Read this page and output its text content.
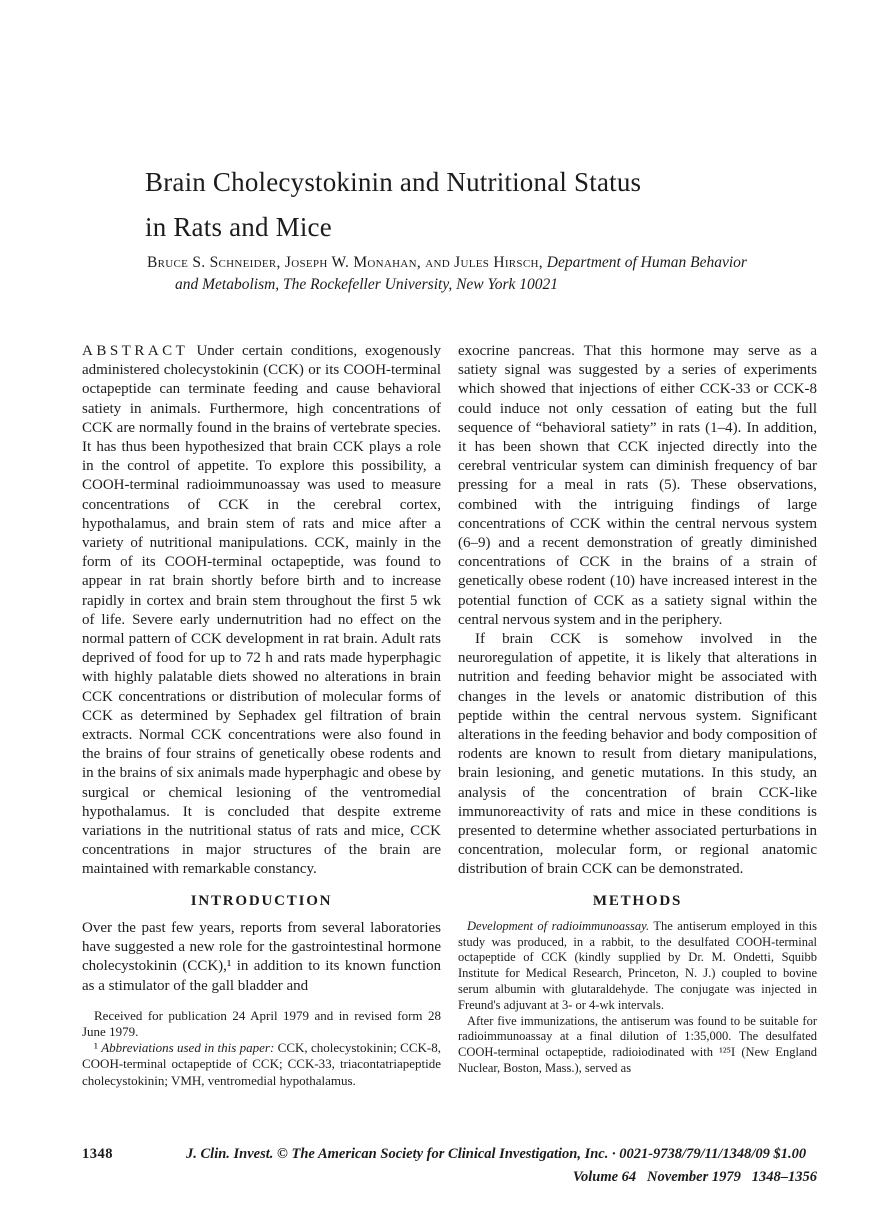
Brain Cholecystokinin and Nutritional Status
in Rats and Mice

Bruce S. Schneider, Joseph W. Monahan, and Jules Hirsch, Department of Human Behavior and Metabolism, The Rockefeller University, New York 10021

ABSTRACT Under certain conditions, exogenously administered cholecystokinin (CCK) or its COOH-terminal octapeptide can terminate feeding and cause behavioral satiety in animals. Furthermore, high concentrations of CCK are normally found in the brains of vertebrate species. It has thus been hypothesized that brain CCK plays a role in the control of appetite. To explore this possibility, a COOH-terminal radioimmunoassay was used to measure concentrations of CCK in the cerebral cortex, hypothalamus, and brain stem of rats and mice after a variety of nutritional manipulations. CCK, mainly in the form of its COOH-terminal octapeptide, was found to appear in rat brain shortly before birth and to increase rapidly in cortex and brain stem throughout the first 5 wk of life. Severe early undernutrition had no effect on the normal pattern of CCK development in rat brain. Adult rats deprived of food for up to 72 h and rats made hyperphagic with highly palatable diets showed no alterations in brain CCK concentrations or distribution of molecular forms of CCK as determined by Sephadex gel filtration of brain extracts. Normal CCK concentrations were also found in the brains of four strains of genetically obese rodents and in the brains of six animals made hyperphagic and obese by surgical or chemical lesioning of the ventromedial hypothalamus. It is concluded that despite extreme variations in the nutritional status of rats and mice, CCK concentrations in major structures of the brain are maintained with remarkable constancy.

INTRODUCTION

Over the past few years, reports from several laboratories have suggested a new role for the gastrointestinal hormone cholecystokinin (CCK),¹ in addition to its known function as a stimulator of the gall bladder and

Received for publication 24 April 1979 and in revised form 28 June 1979.

¹ Abbreviations used in this paper: CCK, cholecystokinin; CCK-8, COOH-terminal octapeptide of CCK; CCK-33, triacontatriapeptide cholecystokinin; VMH, ventromedial hypothalamus.

exocrine pancreas. That this hormone may serve as a satiety signal was suggested by a series of experiments which showed that injections of either CCK-33 or CCK-8 could induce not only cessation of eating but the full sequence of “behavioral satiety” in rats (1–4). In addition, it has been shown that CCK injected directly into the cerebral ventricular system can diminish frequency of bar pressing for a meal in rats (5). These observations, combined with the intriguing findings of large concentrations of CCK within the central nervous system (6–9) and a recent demonstration of greatly diminished concentrations of CCK in the brains of a strain of genetically obese rodent (10) have increased interest in the potential function of CCK as a satiety signal within the central nervous system and in the periphery.

If brain CCK is somehow involved in the neuroregulation of appetite, it is likely that alterations in nutrition and feeding behavior might be associated with changes in the levels or anatomic distribution of this peptide within the central nervous system. Significant alterations in the feeding behavior and body composition of rodents are known to result from dietary manipulations, brain lesioning, and genetic mutations. In this study, an analysis of the concentration of brain CCK-like immunoreactivity of rats and mice in these conditions is presented to determine whether associated perturbations in concentration, molecular form, or regional anatomic distribution of brain CCK can be demonstrated.

METHODS

Development of radioimmunoassay. The antiserum employed in this study was produced, in a rabbit, to the desulfated COOH-terminal octapeptide of CCK (kindly supplied by Dr. M. Ondetti, Squibb Institute for Medical Research, Princeton, N. J.) coupled to bovine serum albumin with glutaraldehyde. The conjugate was injected in Freund's adjuvant at 3- or 4-wk intervals.

After five immunizations, the antiserum was found to be suitable for radioimmunoassay at a final dilution of 1:35,000. The desulfated COOH-terminal octapeptide, radioiodinated with ¹²⁵I (New England Nuclear, Boston, Mass.), served as

1348	J. Clin. Invest. © The American Society for Clinical Investigation, Inc. · 0021-9738/79/11/1348/09 $1.00
Volume 64   November 1979   1348–1356
